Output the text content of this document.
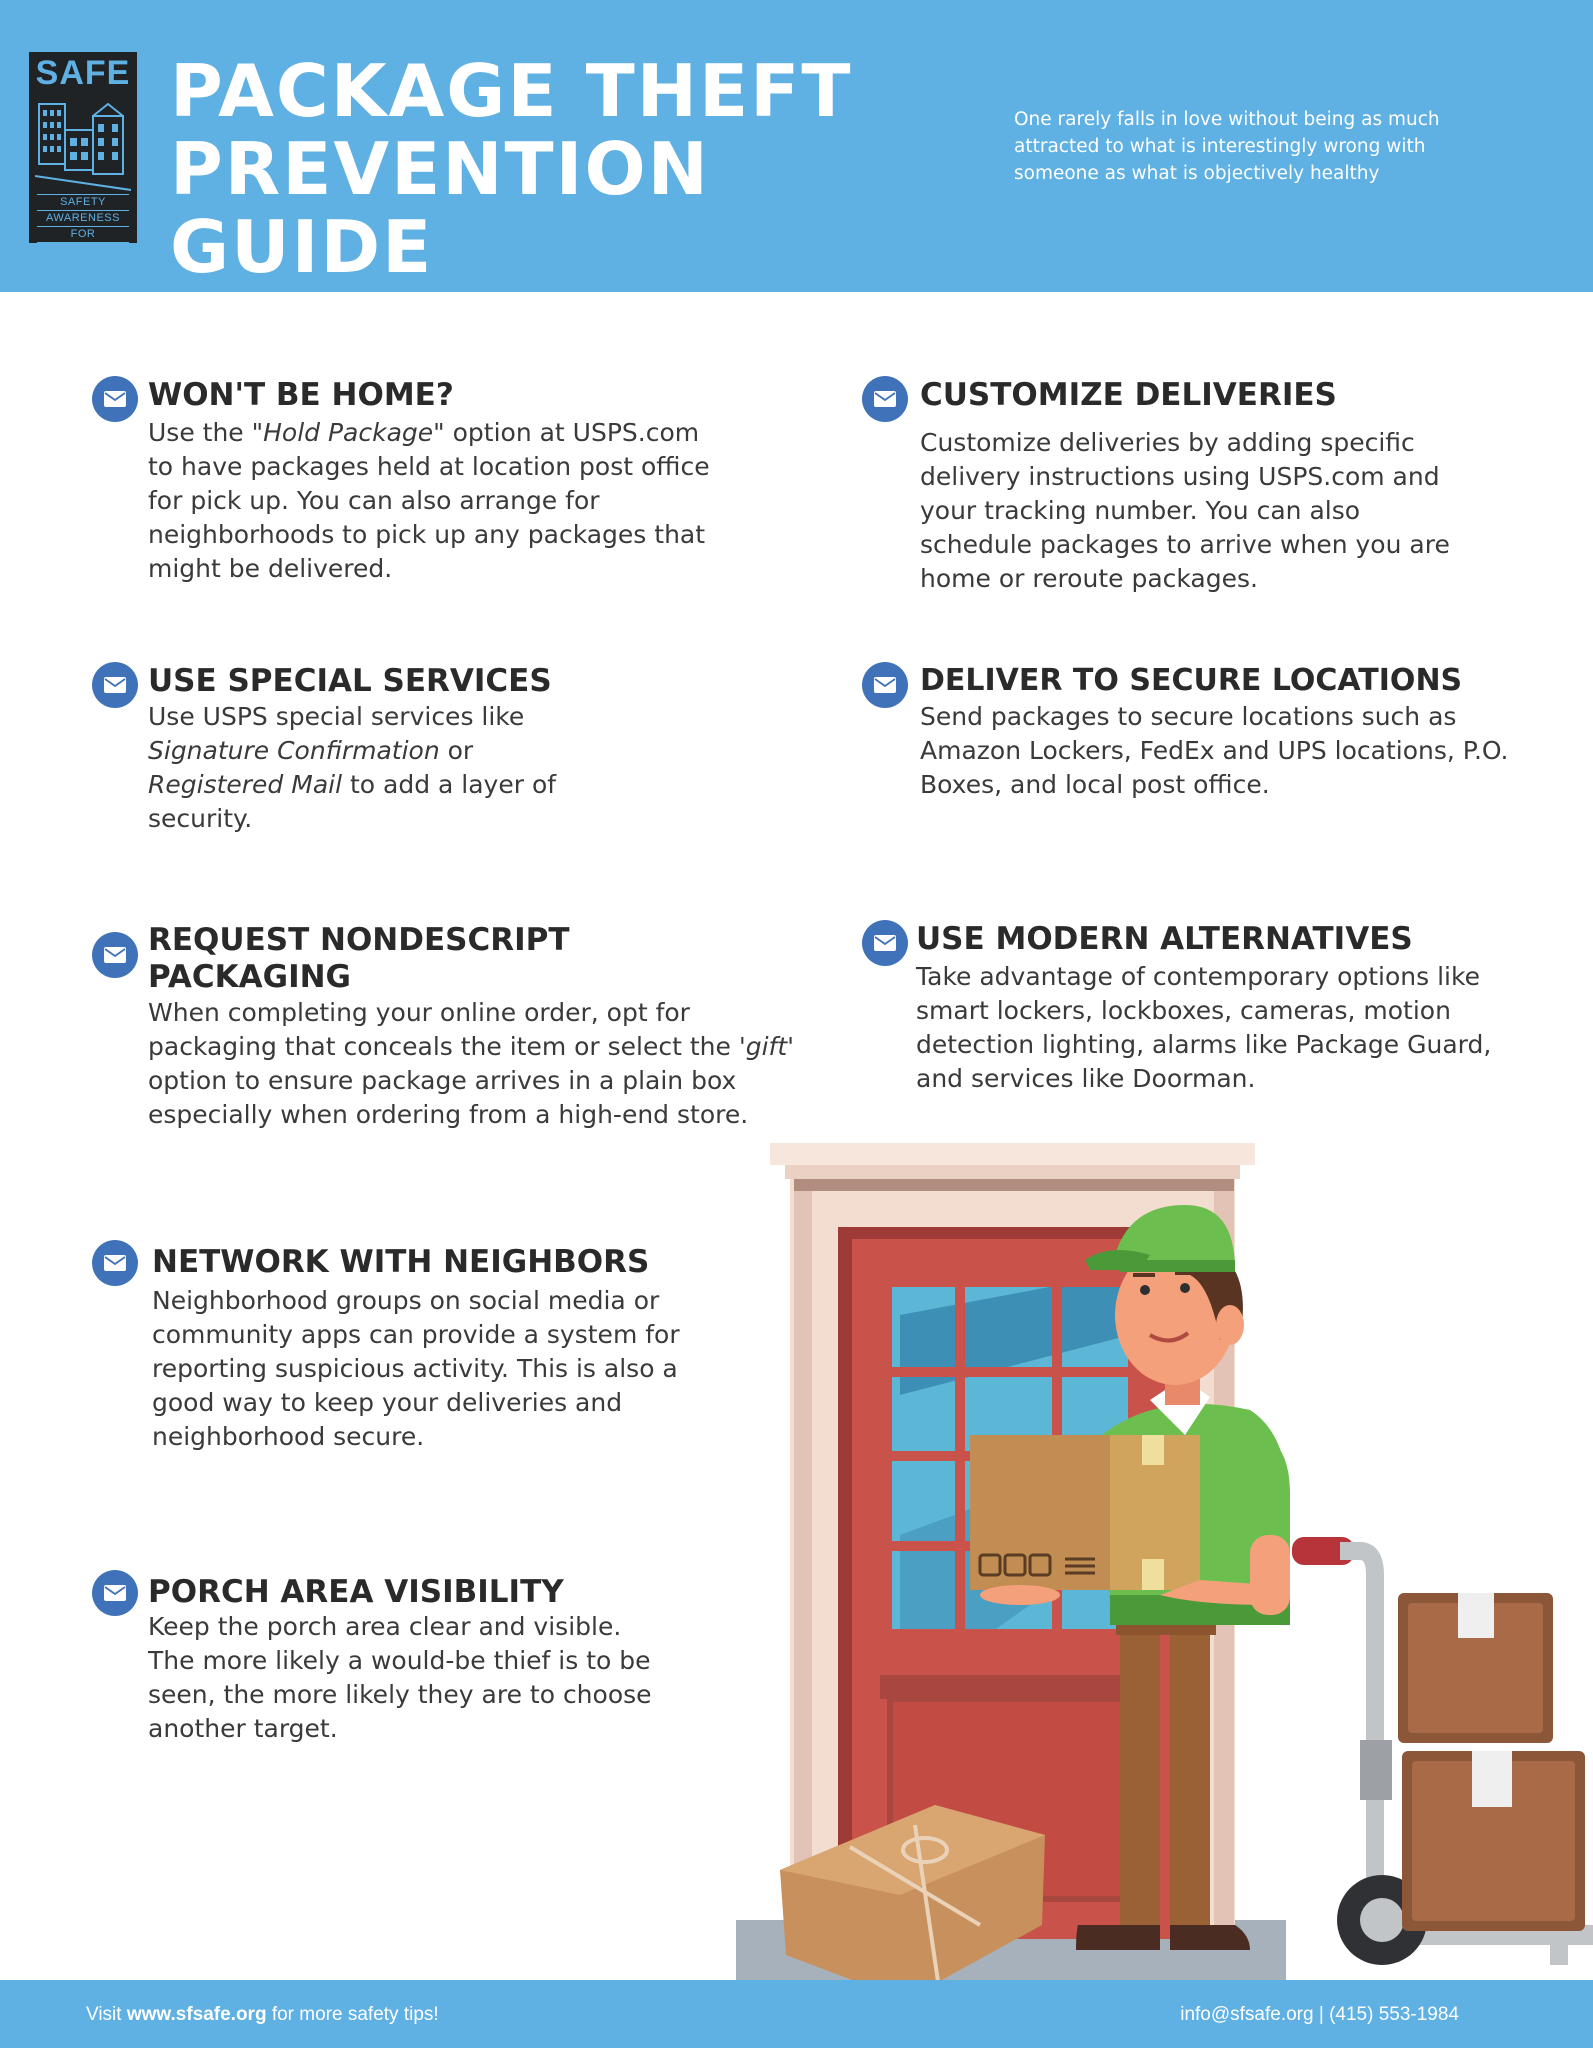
SAFE
SAFETY
AWARENESS
FOR
EVERYONE
PACKAGE THEFT
PREVENTION GUIDE

One rarely falls in love without being as much attracted to what is interestingly wrong with someone as what is objectively healthy

WON'T BE HOME?

Use the "Hold Package" option at USPS.com to have packages held at location post office for pick up. You can also arrange for neighborhoods to pick up any packages that might be delivered.

CUSTOMIZE DELIVERIES

Customize deliveries by adding specific delivery instructions using USPS.com and your tracking number. You can also schedule packages to arrive when you are home or reroute packages.

USE SPECIAL SERVICES

Use USPS special services like Signature Confirmation or Registered Mail to add a layer of security.

DELIVER TO SECURE LOCATIONS

Send packages to secure locations such as Amazon Lockers, FedEx and UPS locations, P.O. Boxes, and local post office.

REQUEST NONDESCRIPT PACKAGING

When completing your online order, opt for packaging that conceals the item or select the 'gift' option to ensure package arrives in a plain box especially when ordering from a high-end store.

USE MODERN ALTERNATIVES

Take advantage of contemporary options like smart lockers, lockboxes, cameras, motion detection lighting, alarms like Package Guard, and services like Doorman.

NETWORK WITH NEIGHBORS

Neighborhood groups on social media or community apps can provide a system for reporting suspicious activity. This is also a good way to keep your deliveries and neighborhood secure.

PORCH AREA VISIBILITY

Keep the porch area clear and visible. The more likely a would-be thief is to be seen, the more likely they are to choose another target.

Visit www.sfsafe.org for more safety tips!	info@sfsafe.org | (415) 553-1984
